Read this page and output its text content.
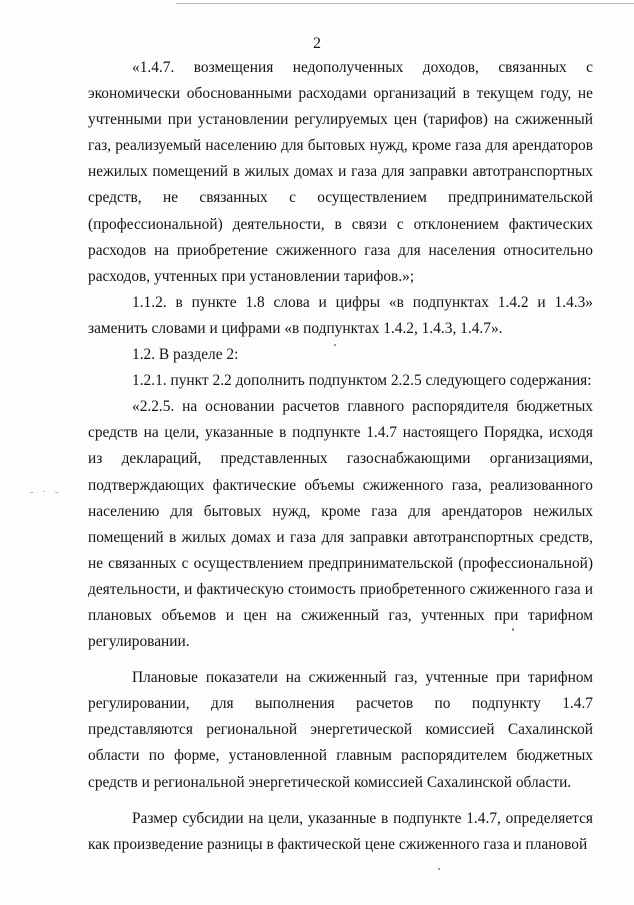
2
- · -

«1.4.7. возмещения недополученных доходов, связанных с экономически обоснованными расходами организаций в текущем году, не учтенными при установлении регулируемых цен (тарифов) на сжиженный газ, реализуемый населению для бытовых нужд, кроме газа для арендаторов нежилых помещений в жилых домах и газа для заправки автотранспортных средств, не связанных с осуществлением предпринимательской (профессиональной) деятельности, в связи с отклонением фактических расходов на приобретение сжиженного газа для населения относительно расходов, учтенных при установлении тарифов.»;

1.1.2. в пункте 1.8 слова и цифры «в подпунктах 1.4.2 и 1.4.3» заменить словами и цифрами «в подпунктах 1.4.2, 1.4.3, 1.4.7».

1.2. В разделе 2:

1.2.1. пункт 2.2 дополнить подпунктом 2.2.5 следующего содержания:

«2.2.5. на основании расчетов главного распорядителя бюджетных средств на цели, указанные в подпункте 1.4.7 настоящего Порядка, исходя из деклараций, представленных газоснабжающими организациями, подтверждающих фактические объемы сжиженного газа, реализованного населению для бытовых нужд, кроме газа для арендаторов нежилых помещений в жилых домах и газа для заправки автотранспортных средств, не связанных с осуществлением предпринимательской (профессиональной) деятельности, и фактическую стоимость приобретенного сжиженного газа и плановых объемов и цен на сжиженный газ, учтенных при тарифном регулировании.

Плановые показатели на сжиженный газ, учтенные при тарифном регулировании, для выполнения расчетов по подпункту 1.4.7 представляются региональной энергетической комиссией Сахалинской области по форме, установленной главным распорядителем бюджетных средств и региональной энергетической комиссией Сахалинской области.

Размер субсидии на цели, указанные в подпункте 1.4.7, определяется как произведение разницы в фактической цене сжиженного газа и плановой
